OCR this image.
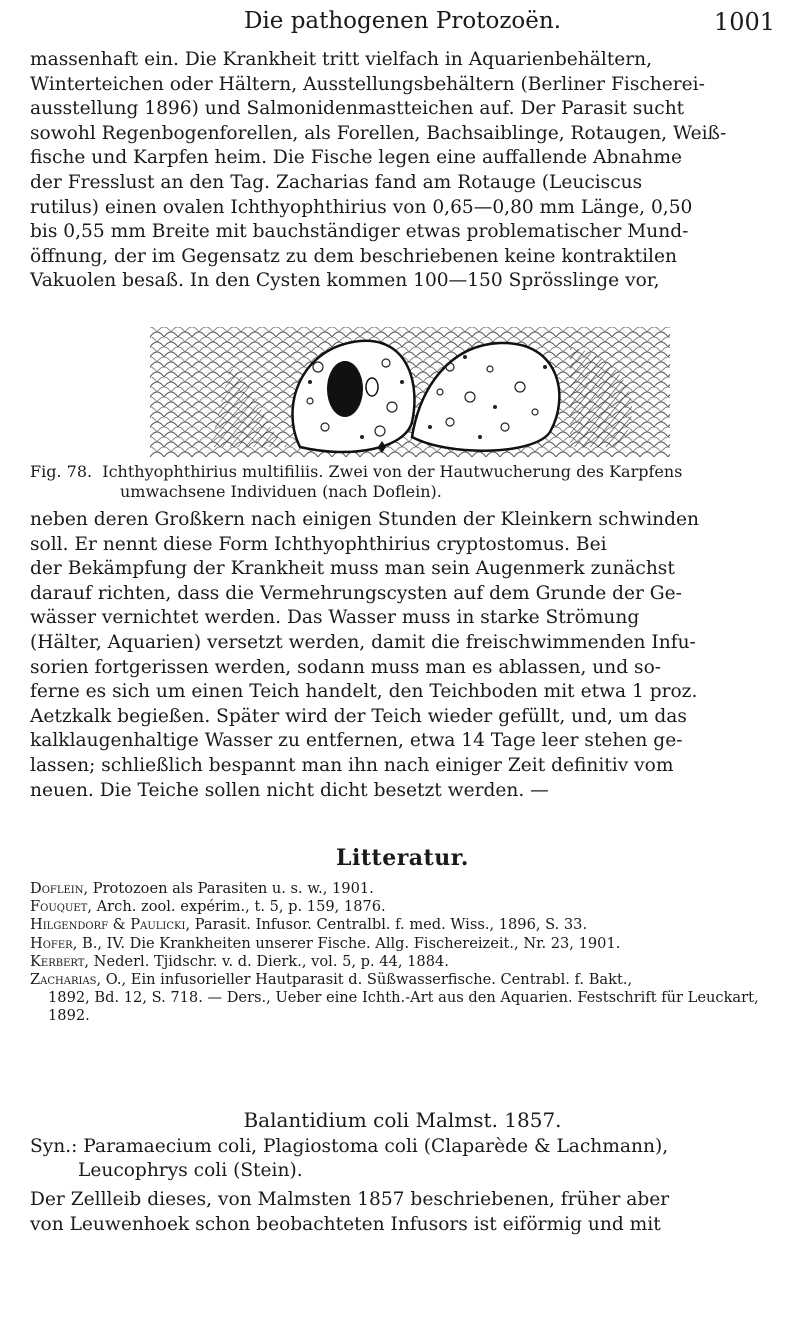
Die pathogenen Protozoën.	1001

massenhaft ein. Die Krankheit tritt vielfach in Aquarienbehältern,

Winterteichen oder Hältern, Ausstellungsbehältern (Berliner Fischerei-

ausstellung 1896) und Salmonidenmastteichen auf. Der Parasit sucht

sowohl Regenbogenforellen, als Forellen, Bachsaiblinge, Rotaugen, Weiß-

fische und Karpfen heim. Die Fische legen eine auffallende Abnahme

der Fresslust an den Tag. Zacharias fand am Rotauge (Leuciscus

rutilus) einen ovalen Ichthyophthirius von 0,65—0,80 mm Länge, 0,50

bis 0,55 mm Breite mit bauchständiger etwas problematischer Mund-

öffnung, der im Gegensatz zu dem beschriebenen keine kontraktilen

Vakuolen besaß. In den Cysten kommen 100—150 Sprösslinge vor,

Fig. 78. Ichthyophthirius multifiliis. Zwei von der Hautwucherung des Karpfens
umwachsene Individuen (nach Doflein).

neben deren Großkern nach einigen Stunden der Kleinkern schwinden

soll. Er nennt diese Form Ichthyophthirius cryptostomus. Bei

der Bekämpfung der Krankheit muss man sein Augenmerk zunächst

darauf richten, dass die Vermehrungscysten auf dem Grunde der Ge-

wässer vernichtet werden. Das Wasser muss in starke Strömung

(Hälter, Aquarien) versetzt werden, damit die freischwimmenden Infu-

sorien fortgerissen werden, sodann muss man es ablassen, und so-

ferne es sich um einen Teich handelt, den Teichboden mit etwa 1 proz.

Aetzkalk begießen. Später wird der Teich wieder gefüllt, und, um das

kalklaugenhaltige Wasser zu entfernen, etwa 14 Tage leer stehen ge-

lassen; schließlich bespannt man ihn nach einiger Zeit definitiv vom

neuen. Die Teiche sollen nicht dicht besetzt werden. —

Litteratur.

Doflein, Protozoen als Parasiten u. s. w., 1901.

Fouquet, Arch. zool. expérim., t. 5, p. 159, 1876.

Hilgendorf & Paulicki, Parasit. Infusor. Centralbl. f. med. Wiss., 1896, S. 33.

Hofer, B., IV. Die Krankheiten unserer Fische. Allg. Fischereizeit., Nr. 23, 1901.

Kerbert, Nederl. Tjidschr. v. d. Dierk., vol. 5, p. 44, 1884.

Zacharias, O., Ein infusorieller Hautparasit d. Süßwasserfische. Centrabl. f. Bakt.,
1892, Bd. 12, S. 718. — Ders., Ueber eine Ichth.-Art aus den Aquarien. Festschrift für Leuckart, 1892.

Balantidium coli Malmst. 1857.
Syn.: Paramaecium coli, Plagiostoma coli (Claparède & Lachmann),
Leucophrys coli (Stein).

Der Zellleib dieses, von Malmsten 1857 beschriebenen, früher aber

von Leuwenhoek schon beobachteten Infusors ist eiförmig und mit
